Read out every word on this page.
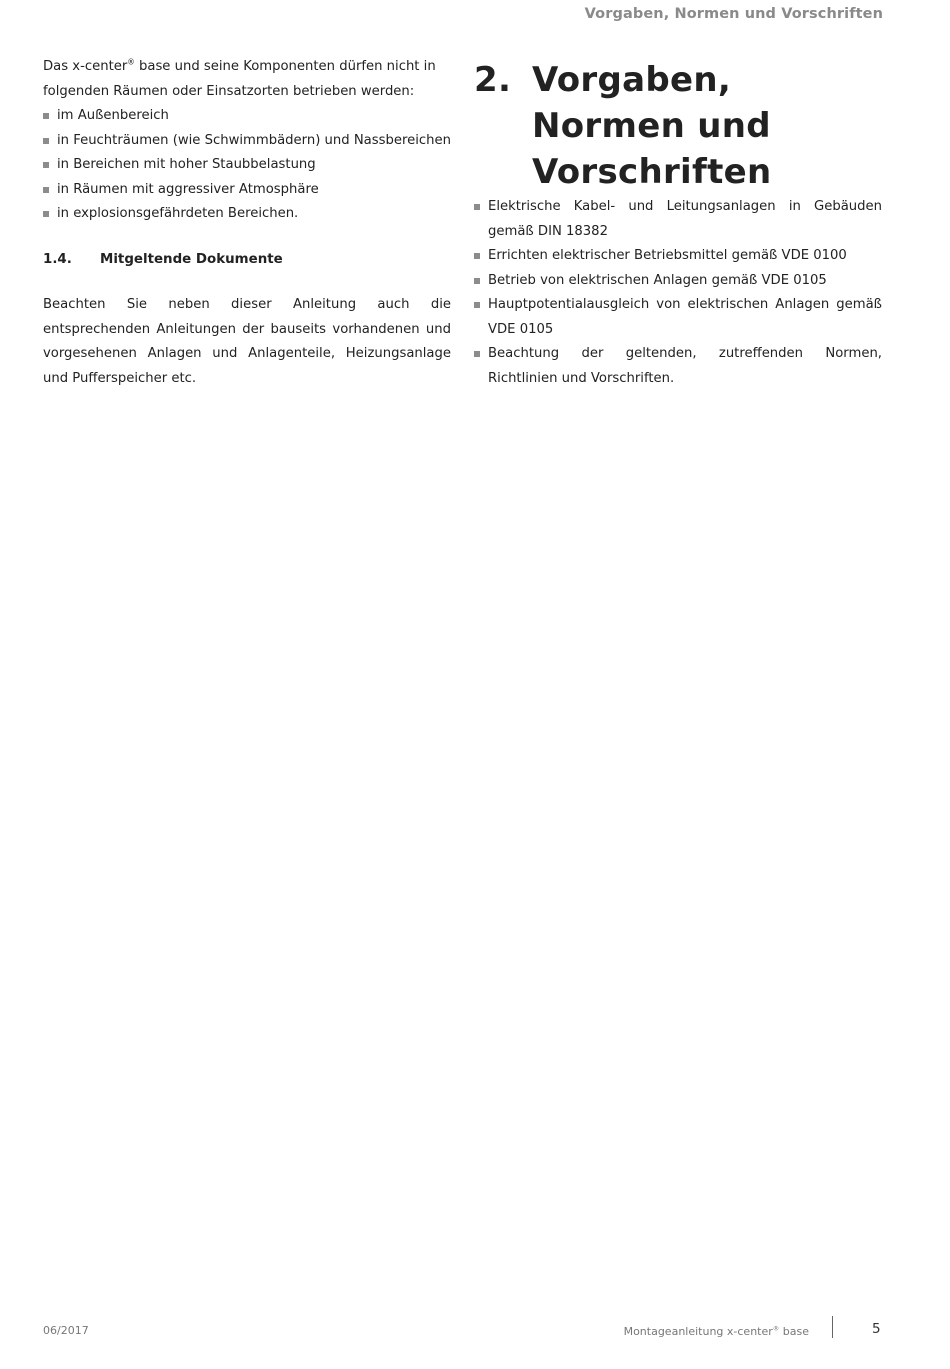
Vorgaben, Normen und Vorschriften

Das x-center® base und seine Komponenten dürfen nicht in folgenden Räumen oder Einsatzorten betrieben werden:

im Außenbereich
in Feuchträumen (wie Schwimmbädern) und Nassbereichen
in Bereichen mit hoher Staubbelastung
in Räumen mit aggressiver Atmosphäre
in explosionsgefährdeten Bereichen.
1.4.	Mitgeltende Dokumente

Beachten Sie neben dieser Anleitung auch die entsprechenden Anleitungen der bauseits vorhandenen und vorgesehenen Anlagen und Anlagenteile, Heizungsanlage und Pufferspeicher etc.

2. Vorgaben, Normen und Vorschriften
Elektrische Kabel- und Leitungsanlagen in Gebäuden gemäß DIN 18382
Errichten elektrischer Betriebsmittel gemäß VDE 0100
Betrieb von elektrischen Anlagen gemäß VDE 0105
Hauptpotentialausgleich von elektrischen Anlagen gemäß VDE 0105
Beachtung der geltenden, zutreffenden Normen, Richtlinien und Vorschriften.
06/2017	Montageanleitung x-center® base	5
